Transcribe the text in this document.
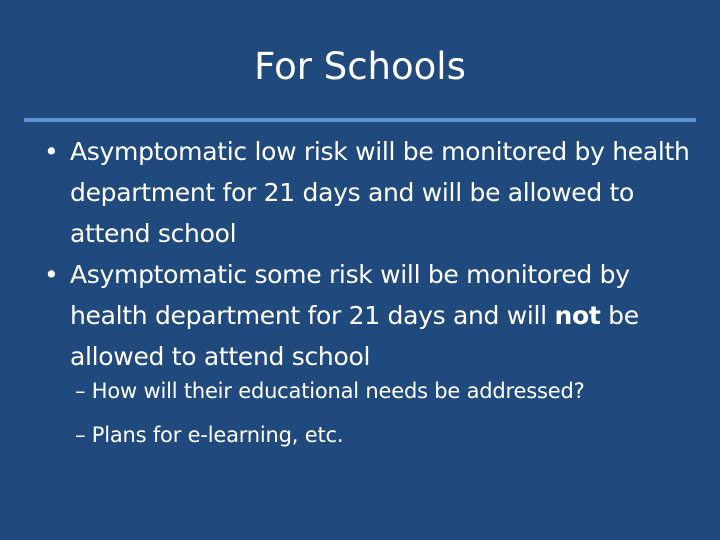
For Schools
• Asymptomatic low risk will be monitored by health department for 21 days and will be allowed to attend school
• Asymptomatic some risk will be monitored by health department for 21 days and will not be allowed to attend school
– How will their educational needs be addressed?
– Plans for e-learning, etc.
